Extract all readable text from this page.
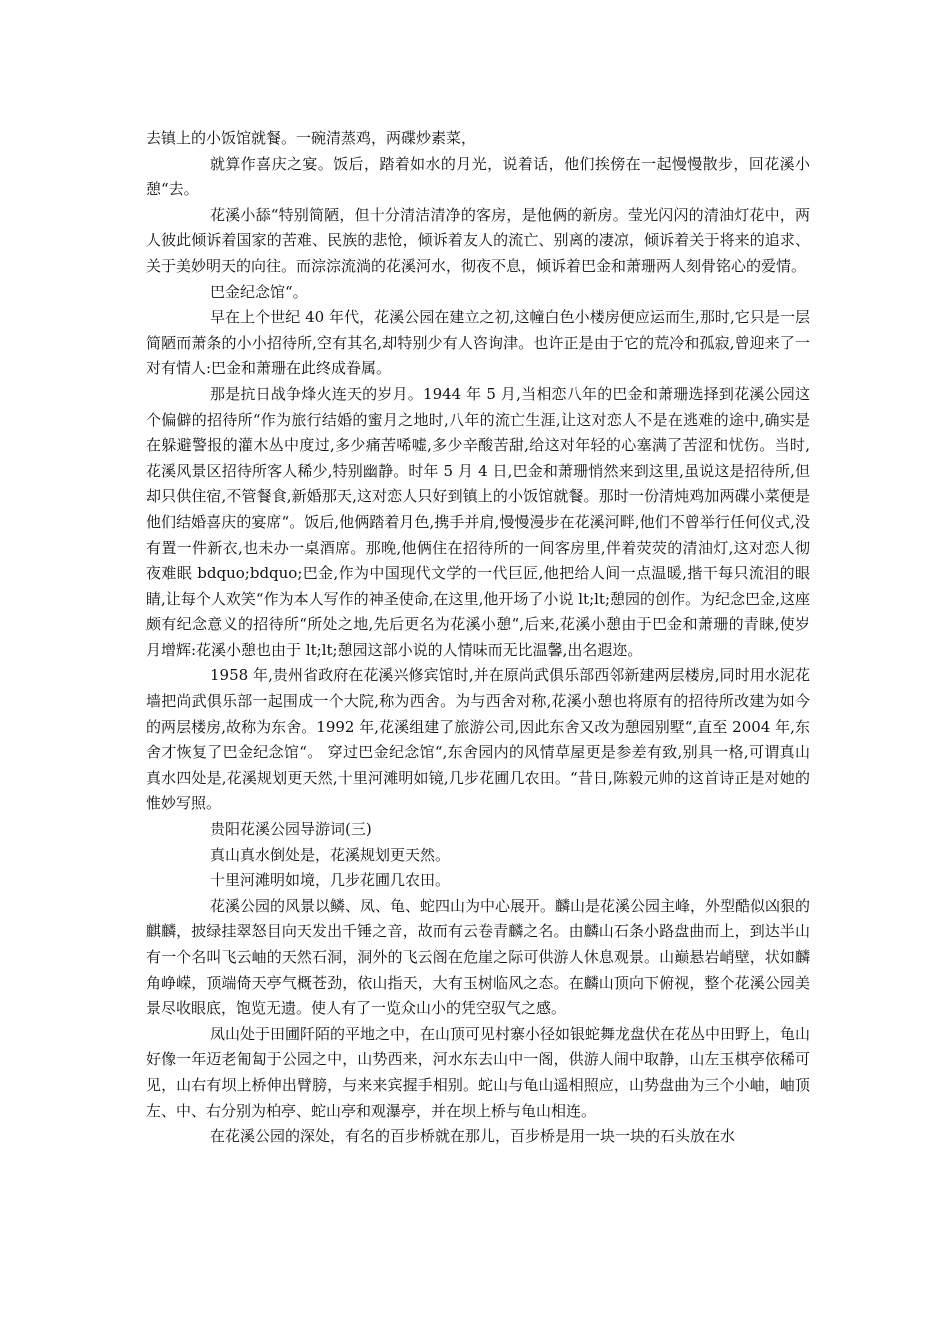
去镇上的小饭馆就餐。一碗清蒸鸡，两碟炒素菜，

就算作喜庆之宴。饭后，踏着如水的月光，说着话，他们挨傍在一起慢慢散步，回花溪小憩“去。

花溪小舔“特别简陋，但十分清洁清净的客房，是他俩的新房。莹光闪闪的清油灯花中，两人彼此倾诉着国家的苦难、民族的悲怆，倾诉着友人的流亡、别离的凄凉，倾诉着关于将来的追求、关于美妙明天的向往。而淙淙流淌的花溪河水，彻夜不息，倾诉着巴金和萧珊两人刻骨铭心的爱情。

巴金纪念馆“。

早在上个世纪 40 年代，花溪公园在建立之初,这幢白色小楼房便应运而生,那时,它只是一层简陋而萧条的小小招待所,空有其名,却特别少有人咨询津。也许正是由于它的荒冷和孤寂,曾迎来了一对有情人:巴金和萧珊在此终成眷属。

那是抗日战争烽火连天的岁月。1944 年 5 月,当相恋八年的巴金和萧珊选择到花溪公园这个偏僻的招待所“作为旅行结婚的蜜月之地时,八年的流亡生涯,让这对恋人不是在逃难的途中,确实是在躲避警报的灌木丛中度过,多少痛苦唏嘘,多少辛酸苦甜,给这对年轻的心塞满了苦涩和忧伤。当时,花溪风景区招待所客人稀少,特别幽静。时年 5 月 4 日,巴金和萧珊悄然来到这里,虽说这是招待所,但却只供住宿,不管餐食,新婚那天,这对恋人只好到镇上的小饭馆就餐。那时一份清炖鸡加两碟小菜便是他们结婚喜庆的宴席“。饭后,他俩踏着月色,携手并肩,慢慢漫步在花溪河畔,他们不曾举行任何仪式,没有置一件新衣,也未办一桌酒席。那晚,他俩住在招待所的一间客房里,伴着荧荧的清油灯,这对恋人彻夜难眠 bdquo;bdquo;巴金,作为中国现代文学的一代巨匠,他把给人间一点温暖,揩干每只流泪的眼睛,让每个人欢笑“作为本人写作的神圣使命,在这里,他开场了小说 lt;lt;憩园的创作。为纪念巴金,这座颇有纪念意义的招待所“所处之地,先后更名为花溪小憩“,后来,花溪小憩由于巴金和萧珊的青睐,使岁月增辉:花溪小憩也由于 lt;lt;憩园这部小说的人情味而无比温馨,出名遐迩。

1958 年,贵州省政府在花溪兴修宾馆时,并在原尚武俱乐部西邻新建两层楼房,同时用水泥花墙把尚武俱乐部一起围成一个大院,称为西舍。为与西舍对称,花溪小憩也将原有的招待所改建为如今的两层楼房,故称为东舍。1992 年,花溪组建了旅游公司,因此东舍又改为憩园别墅“,直至 2004 年,东舍才恢复了巴金纪念馆“。 穿过巴金纪念馆“,东舍园内的风情草屋更是参差有致,别具一格,可谓真山真水四处是,花溪规划更天然,十里河滩明如镜,几步花圃几农田。“昔日,陈毅元帅的这首诗正是对她的惟妙写照。

贵阳花溪公园导游词(三)

真山真水倒处是，花溪规划更天然。

十里河滩明如境，几步花圃几农田。

花溪公园的风景以鳞、凤、龟、蛇四山为中心展开。麟山是花溪公园主峰，外型酷似凶狠的麒麟，披绿挂翠怒目向天发出千锤之音，故而有云卷青麟之名。由麟山石条小路盘曲而上，到达半山有一个名叫飞云岫的天然石洞，洞外的飞云阁在危崖之际可供游人休息观景。山巅悬岩峭壁，状如麟角峥嵘，顶端倚天亭气概苍劲，依山指天，大有玉树临风之态。在麟山顶向下俯视，整个花溪公园美景尽收眼底，饱览无遗。使人有了一览众山小的凭空驭气之感。

凤山处于田圃阡陌的平地之中，在山顶可见村寨小径如银蛇舞龙盘伏在花丛中田野上，龟山好像一年迈老匍匐于公园之中，山势西来，河水东去山中一阁，供游人闹中取静，山左玉棋亭依稀可见，山右有坝上桥伸出臂膀，与来来宾握手相别。蛇山与龟山遥相照应，山势盘曲为三个小岫，岫顶左、中、右分别为柏亭、蛇山亭和观瀑亭，并在坝上桥与龟山相连。

在花溪公园的深处，有名的百步桥就在那儿，百步桥是用一块一块的石头放在水
